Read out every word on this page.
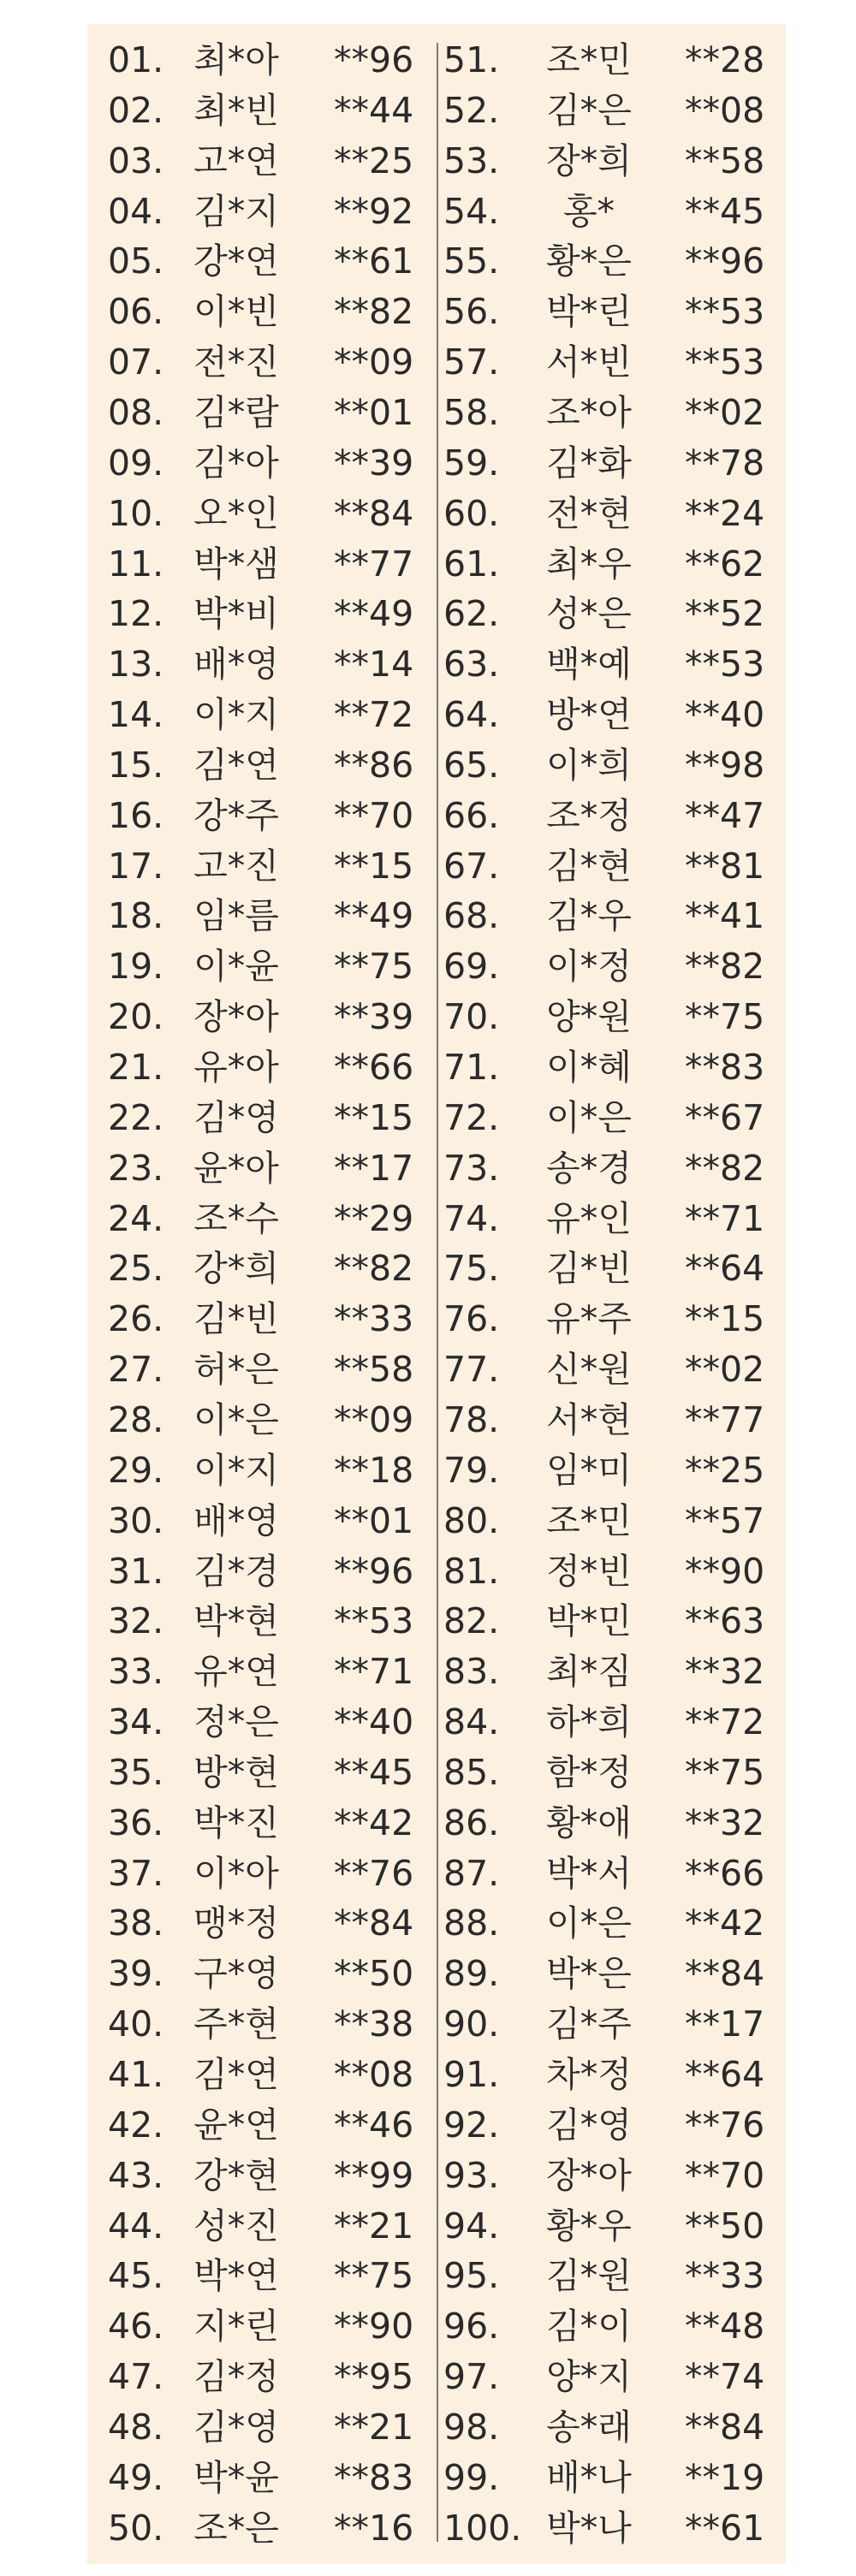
01. 최*아 **96
02. 최*빈 **44
03. 고*연 **25
04. 김*지 **92
05. 강*연 **61
06. 이*빈 **82
07. 전*진 **09
08. 김*람 **01
09. 김*아 **39
10. 오*인 **84
11. 박*샘 **77
12. 박*비 **49
13. 배*영 **14
14. 이*지 **72
15. 김*연 **86
16. 강*주 **70
17. 고*진 **15
18. 임*름 **49
19. 이*윤 **75
20. 장*아 **39
21. 유*아 **66
22. 김*영 **15
23. 윤*아 **17
24. 조*수 **29
25. 강*희 **82
26. 김*빈 **33
27. 허*은 **58
28. 이*은 **09
29. 이*지 **18
30. 배*영 **01
31. 김*경 **96
32. 박*현 **53
33. 유*연 **71
34. 정*은 **40
35. 방*현 **45
36. 박*진 **42
37. 이*아 **76
38. 맹*정 **84
39. 구*영 **50
40. 주*현 **38
41. 김*연 **08
42. 윤*연 **46
43. 강*현 **99
44. 성*진 **21
45. 박*연 **75
46. 지*린 **90
47. 김*정 **95
48. 김*영 **21
49. 박*윤 **83
50. 조*은 **16
51. 조*민 **28
52. 김*은 **08
53. 장*희 **58
54.	홍*	**45
55. 황*은 **96
56. 박*린 **53
57. 서*빈 **53
58. 조*아 **02
59. 김*화 **78
60. 전*현 **24
61. 최*우 **62
62. 성*은 **52
63. 백*예 **53
64. 방*연 **40
65. 이*희 **98
66. 조*정 **47
67. 김*현 **81
68. 김*우 **41
69. 이*정 **82
70. 양*원 **75
71. 이*혜 **83
72. 이*은 **67
73. 송*경 **82
74. 유*인 **71
75. 김*빈 **64
76. 유*주 **15
77. 신*원 **02
78. 서*현 **77
79. 임*미 **25
80. 조*민 **57
81. 정*빈 **90
82. 박*민 **63
83. 최*짐 **32
84. 하*희 **72
85. 함*정 **75
86. 황*애 **32
87. 박*서 **66
88. 이*은 **42
89. 박*은 **84
90. 김*주 **17
91. 차*정 **64
92. 김*영 **76
93. 장*아 **70
94. 황*우 **50
95. 김*원 **33
96. 김*이 **48
97. 양*지 **74
98. 송*래 **84
99. 배*나 **19
100. 박*나 **61
